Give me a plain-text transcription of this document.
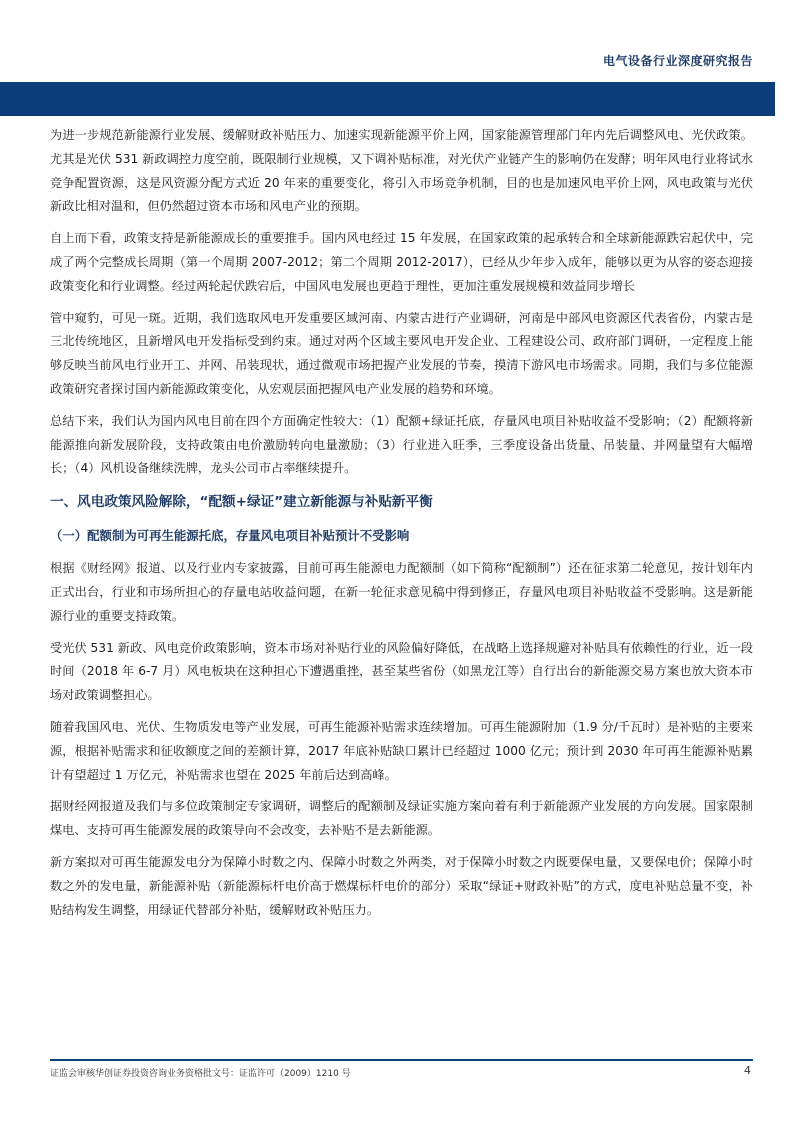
电气设备行业深度研究报告

为进一步规范新能源行业发展、缓解财政补贴压力、加速实现新能源平价上网，国家能源管理部门年内先后调整风电、光伏政策。尤其是光伏 531 新政调控力度空前，既限制行业规模，又下调补贴标准，对光伏产业链产生的影响仍在发酵；明年风电行业将试水竞争配置资源，这是风资源分配方式近 20 年来的重要变化，将引入市场竞争机制，目的也是加速风电平价上网，风电政策与光伏新政比相对温和，但仍然超过资本市场和风电产业的预期。

自上而下看，政策支持是新能源成长的重要推手。国内风电经过 15 年发展，在国家政策的起承转合和全球新能源跌宕起伏中，完成了两个完整成长周期（第一个周期 2007-2012；第二个周期 2012-2017），已经从少年步入成年，能够以更为从容的姿态迎接政策变化和行业调整。经过两轮起伏跌宕后，中国风电发展也更趋于理性，更加注重发展规模和效益同步增长

管中窥豹，可见一斑。近期，我们选取风电开发重要区域河南、内蒙古进行产业调研，河南是中部风电资源区代表省份，内蒙古是三北传统地区，且新增风电开发指标受到约束。通过对两个区域主要风电开发企业、工程建设公司、政府部门调研，一定程度上能够反映当前风电行业开工、并网、吊装现状，通过微观市场把握产业发展的节奏，摸清下游风电市场需求。同期，我们与多位能源政策研究者探讨国内新能源政策变化，从宏观层面把握风电产业发展的趋势和环境。

总结下来，我们认为国内风电目前在四个方面确定性较大：（1）配额+绿证托底，存量风电项目补贴收益不受影响；（2）配额将新能源推向新发展阶段，支持政策由电价激励转向电量激励；（3）行业进入旺季，三季度设备出货量、吊装量、并网量望有大幅增长；（4）风机设备继续洗牌，龙头公司市占率继续提升。

一、风电政策风险解除，“配额+绿证”建立新能源与补贴新平衡
（一）配额制为可再生能源托底，存量风电项目补贴预计不受影响

根据《财经网》报道、以及行业内专家披露，目前可再生能源电力配额制（如下简称“配额制”）还在征求第二轮意见，按计划年内正式出台，行业和市场所担心的存量电站收益问题，在新一轮征求意见稿中得到修正，存量风电项目补贴收益不受影响。这是新能源行业的重要支持政策。

受光伏 531 新政、风电竞价政策影响，资本市场对补贴行业的风险偏好降低，在战略上选择规避对补贴具有依赖性的行业，近一段时间（2018 年 6-7 月）风电板块在这种担心下遭遇重挫，甚至某些省份（如黑龙江等）自行出台的新能源交易方案也放大资本市场对政策调整担心。

随着我国风电、光伏、生物质发电等产业发展，可再生能源补贴需求连续增加。可再生能源附加（1.9 分/千瓦时）是补贴的主要来源，根据补贴需求和征收额度之间的差额计算，2017 年底补贴缺口累计已经超过 1000 亿元；预计到 2030 年可再生能源补贴累计有望超过 1 万亿元，补贴需求也望在 2025 年前后达到高峰。

据财经网报道及我们与多位政策制定专家调研，调整后的配额制及绿证实施方案向着有利于新能源产业发展的方向发展。国家限制煤电、支持可再生能源发展的政策导向不会改变，去补贴不是去新能源。

新方案拟对可再生能源发电分为保障小时数之内、保障小时数之外两类，对于保障小时数之内既要保电量，又要保电价；保障小时数之外的发电量，新能源补贴（新能源标杆电价高于燃煤标杆电价的部分）采取“绿证+财政补贴”的方式，度电补贴总量不变，补贴结构发生调整，用绿证代替部分补贴，缓解财政补贴压力。

证监会审核华创证券投资咨询业务资格批文号：证监许可（2009）1210 号	4
